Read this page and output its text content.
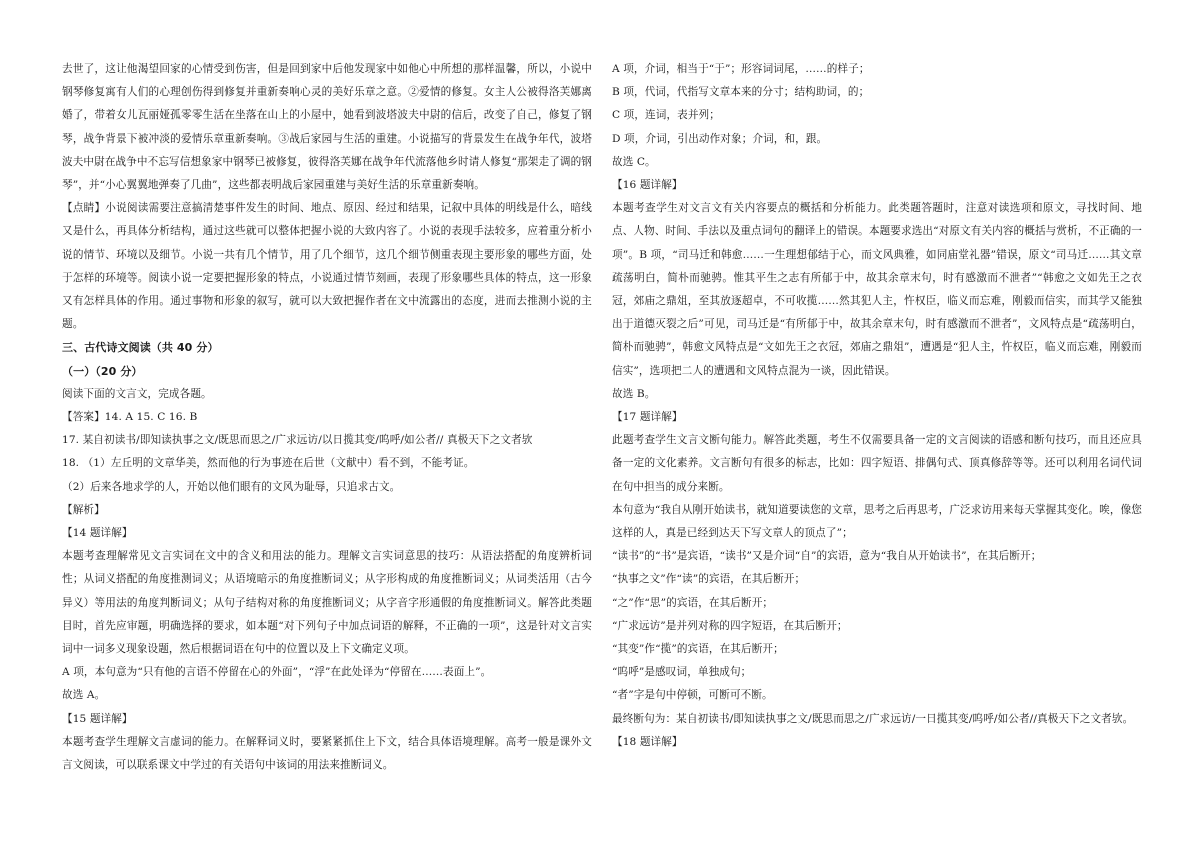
去世了，这让他渴望回家的心情受到伤害，但是回到家中后他发现家中如他心中所想的那样温馨，所以，小说中钢琴修复寓有人们的心理创伤得到修复并重新奏响心灵的美好乐章之意。②爱情的修复。女主人公被得洛芙娜离婚了，带着女儿瓦丽娅孤零零生活在坐落在山上的小屋中，她看到波塔波夫中尉的信后，改变了自己，修复了钢琴，战争背景下被冲淡的爱情乐章重新奏响。③战后家园与生活的重建。小说描写的背景发生在战争年代，波塔波夫中尉在战争中不忘写信想象家中钢琴已被修复，彼得洛芙娜在战争年代流落他乡时请人修复“那架走了调的钢琴”，并“小心翼翼地弹奏了几曲”，这些都表明战后家园重建与美好生活的乐章重新奏响。

【点睛】小说阅读需要注意搞清楚事件发生的时间、地点、原因、经过和结果，记叙中具体的明线是什么，暗线又是什么，再具体分析结构，通过这些就可以整体把握小说的大致内容了。小说的表现手法较多，应着重分析小说的情节、环境以及细节。小说一共有几个情节，用了几个细节，这几个细节侧重表现主要形象的哪些方面，处于怎样的环境等。阅读小说一定要把握形象的特点，小说通过情节刻画，表现了形象哪些具体的特点，这一形象又有怎样具体的作用。通过事物和形象的叙写，就可以大致把握作者在文中流露出的态度，进而去推测小说的主题。

三、古代诗文阅读（共 40 分）

（一）（20 分）

阅读下面的文言文，完成各题。

【答案】14. A 15. C 16. B

17. 某自初读书/即知读执事之文/既思而思之/广求远访/以日揽其变/呜呼/如公者// 真极天下之文者欤

18. （1）左丘明的文章华美，然而他的行为事迹在后世（文献中）看不到，不能考证。

（2）后来各地求学的人，开始以他们眼有的文风为耻辱，只追求古文。

【解析】

【14 题详解】

本题考查理解常见文言实词在文中的含义和用法的能力。理解文言实词意思的技巧：从语法搭配的角度辨析词性；从词义搭配的角度推测词义；从语境暗示的角度推断词义；从字形构成的角度推断词义；从词类活用（古今异义）等用法的角度判断词义；从句子结构对称的角度推断词义；从字音字形通假的角度推断词义。解答此类题目时，首先应审题，明确选择的要求，如本题“对下列句子中加点词语的解释，不正确的一项”，这是针对文言实词中一词多义现象设题，然后根据词语在句中的位置以及上下文确定义项。

A 项，本句意为“只有他的言语不停留在心的外面”，“浮”在此处译为“停留在……表面上”。

故选 A。

【15 题详解】

本题考查学生理解文言虚词的能力。在解释词义时，要紧紧抓住上下文，结合具体语境理解。高考一般是课外文言文阅读，可以联系课文中学过的有关语句中该词的用法来推断词义。

A 项，介词，相当于“于”；形容词词尾，……的样子；

B 项，代词，代指写文章本来的分寸；结构助词，的；

C 项，连词，表并列；

D 项，介词，引出动作对象；介词，和，跟。

故选 C。

【16 题详解】

本题考查学生对文言文有关内容要点的概括和分析能力。此类题答题时，注意对读选项和原文，寻找时间、地点、人物、时间、手法以及重点词句的翻译上的错误。本题要求选出“对原文有关内容的概括与赏析，不正确的一项”。B 项，“司马迁和韩愈……一生理想郁结于心，而文风典雅，如同庙堂礼器”错误，原文“司马迁……其文章疏荡明白，简朴而驰骋。惟其平生之志有所郁于中，故其余章末句，时有感激而不泄者”“韩愈之文如先王之衣冠，郊庙之鼎俎，至其放逐超卓，不可收揽……然其犯人主，忤权臣，临义而忘难，刚毅而信实，而其学又能独出于道德灭裂之后”可见，司马迁是“有所郁于中，故其余章末句，时有感激而不泄者”，文风特点是“疏荡明白，简朴而驰骋”，韩愈文风特点是“文如先王之衣冠，郊庙之鼎俎”，遭遇是“犯人主，忤权臣，临义而忘难，刚毅而信实”，选项把二人的遭遇和文风特点混为一谈，因此错误。

故选 B。

【17 题详解】

此题考查学生文言文断句能力。解答此类题，考生不仅需要具备一定的文言阅读的语感和断句技巧，而且还应具备一定的文化素养。文言断句有很多的标志，比如：四字短语、排偶句式、顶真修辞等等。还可以利用名词代词在句中担当的成分来断。

本句意为“我自从刚开始读书，就知道要读您的文章，思考之后再思考，广泛求访用来每天掌握其变化。唉，像您这样的人，真是已经到达天下写文章人的顶点了”；

“读书”的“书”是宾语，“读书”又是介词“自”的宾语，意为“我自从开始读书”，在其后断开；

“执事之文”作“读”的宾语，在其后断开；

“之”作“思”的宾语，在其后断开；

“广求远访”是并列对称的四字短语，在其后断开；

“其变”作“揽”的宾语，在其后断开；

“呜呼”是感叹词，单独成句；

“者”字是句中停顿，可断可不断。

最终断句为：某自初读书/即知读执事之文/既思而思之/广求远访/一日揽其变/呜呼/如公者//真极天下之文者欤。

【18 题详解】
